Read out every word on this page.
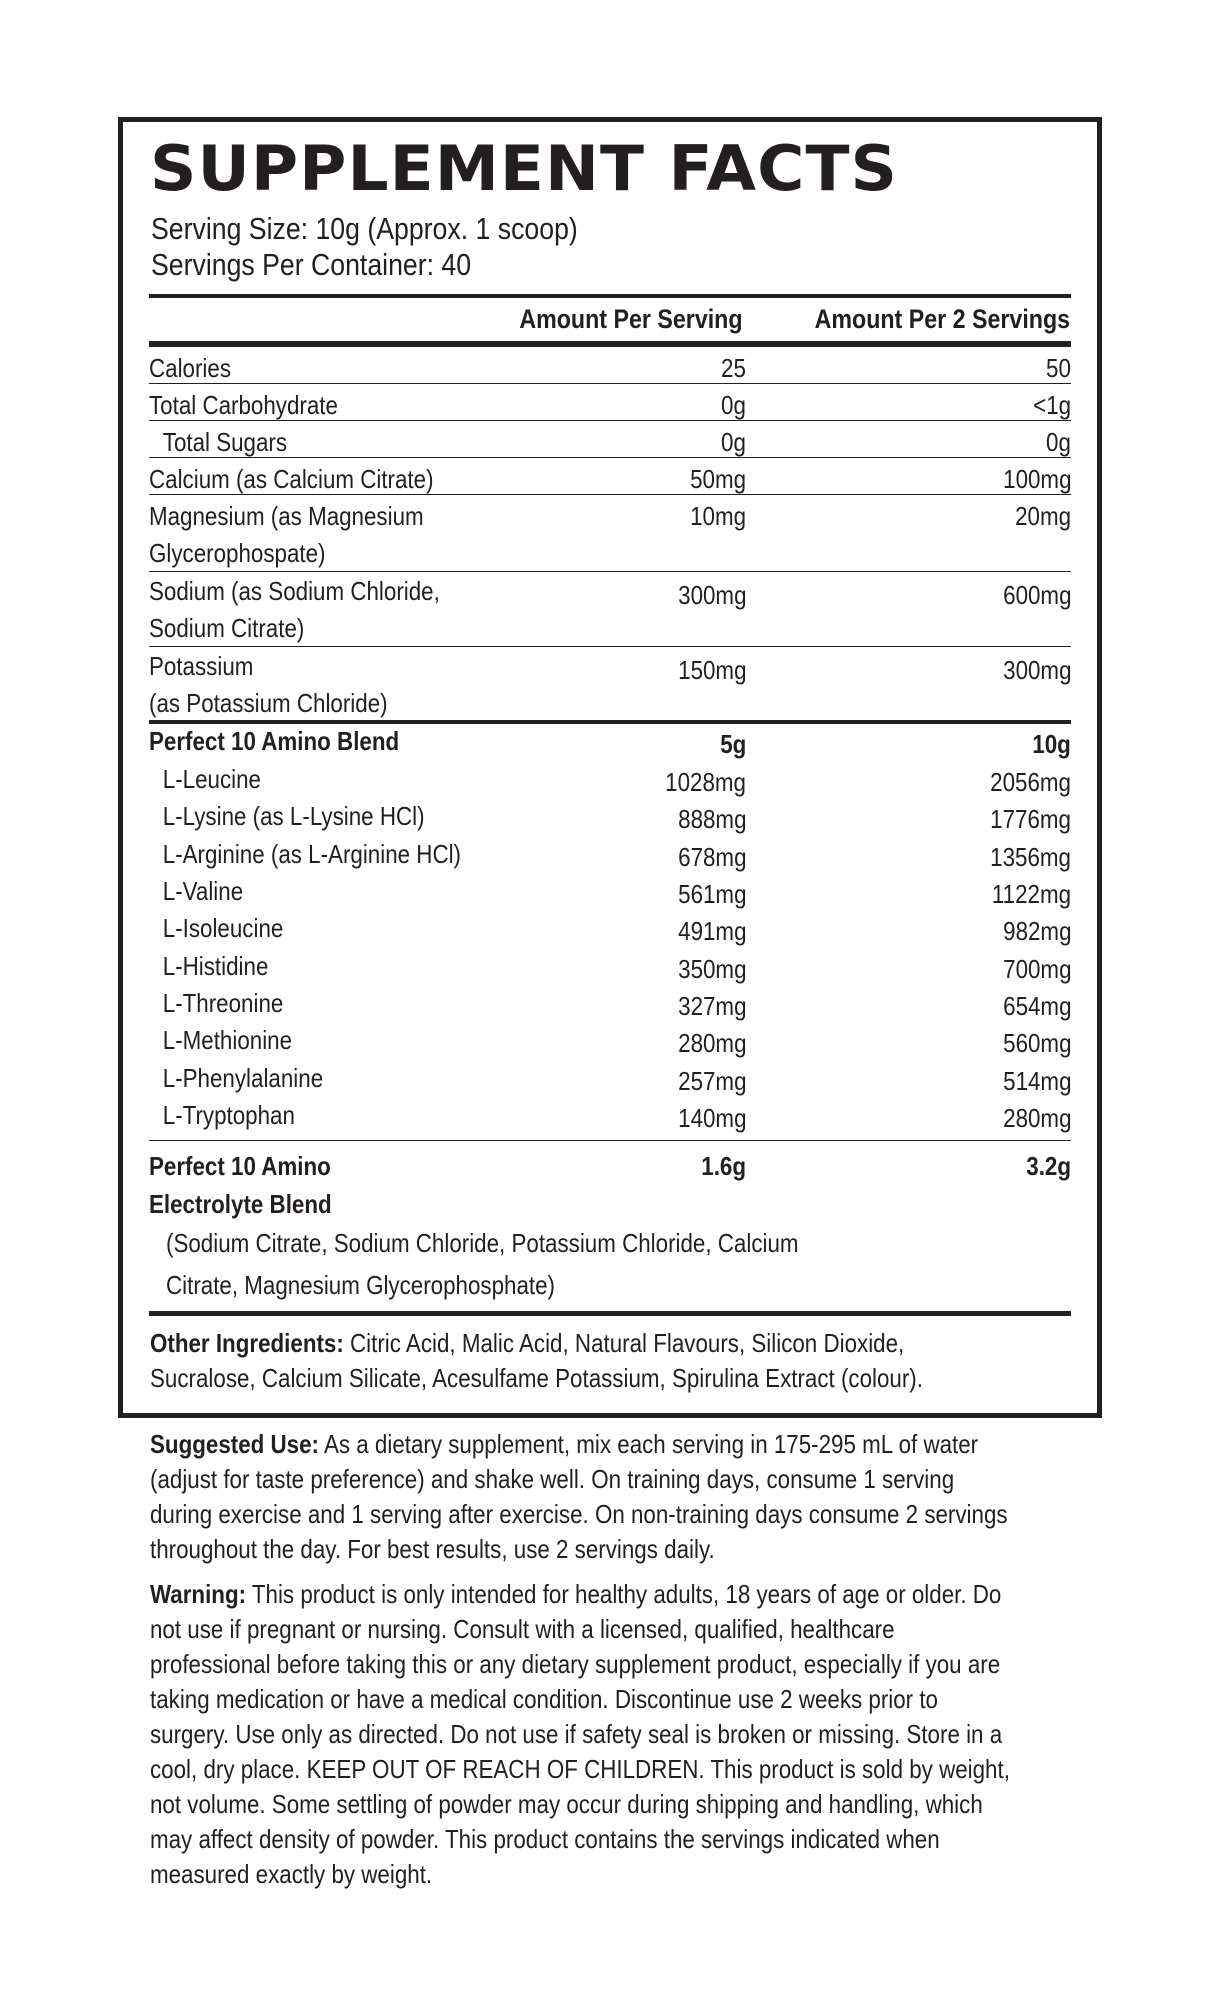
SUPPLEMENT FACTS
Serving Size: 10g (Approx. 1 scoop)
Servings Per Container: 40
Amount Per Serving	Amount Per 2 Servings
Calories	25	50
Total Carbohydrate	0g	<1g
Total Sugars	0g	0g
Calcium (as Calcium Citrate)	50mg	100mg
Magnesium (as Magnesium
Glycerophospate)
10mg	20mg
Sodium (as Sodium Chloride,
Sodium Citrate)
300mg	600mg
Potassium
(as Potassium Chloride)
150mg	300mg
Perfect 10 Amino Blend	5g	10g
L-Leucine	1028mg	2056mg
L-Lysine (as L-Lysine HCl)	888mg	1776mg
L-Arginine (as L-Arginine HCl)	678mg	1356mg
L-Valine	561mg	1122mg
L-Isoleucine	491mg	982mg
L-Histidine	350mg	700mg
L-Threonine	327mg	654mg
L-Methionine	280mg	560mg
L-Phenylalanine	257mg	514mg
L-Tryptophan	140mg	280mg
Perfect 10 Amino
Electrolyte Blend
1.6g	3.2g
(Sodium Citrate, Sodium Chloride, Potassium Chloride, Calcium
Citrate, Magnesium Glycerophosphate)
Other Ingredients: Citric Acid, Malic Acid, Natural Flavours, Silicon Dioxide, Sucralose, Calcium Silicate, Acesulfame Potassium, Spirulina Extract (colour).
Suggested Use: As a dietary supplement, mix each serving in 175-295 mL of water (adjust for taste preference) and shake well. On training days, consume 1 serving during exercise and 1 serving after exercise. On non-training days consume 2 servings throughout the day. For best results, use 2 servings daily.
Warning: This product is only intended for healthy adults, 18 years of age or older. Do not use if pregnant or nursing. Consult with a licensed, qualified, healthcare professional before taking this or any dietary supplement product, especially if you are taking medication or have a medical condition. Discontinue use 2 weeks prior to surgery. Use only as directed. Do not use if safety seal is broken or missing. Store in a cool, dry place. KEEP OUT OF REACH OF CHILDREN. This product is sold by weight, not volume. Some settling of powder may occur during shipping and handling, which may affect density of powder. This product contains the servings indicated when measured exactly by weight.
